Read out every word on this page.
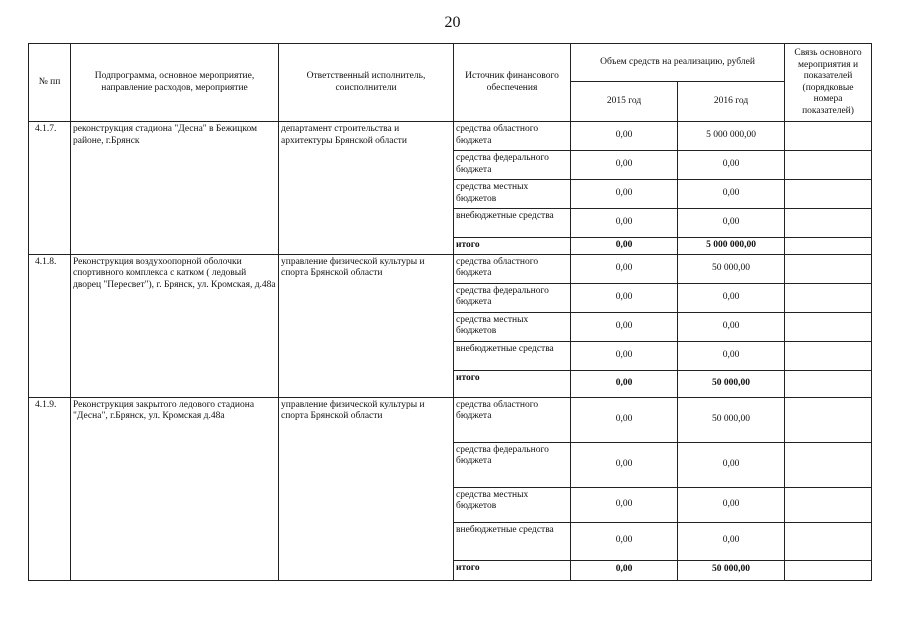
20
№ пп	Подпрограмма, основное мероприятие, направление расходов, мероприятие	Ответственный исполнитель, соисполнители	Источник финансового обеспечения	Объем средств на реализацию, рублей		Связь основного мероприятия и показателей (порядковые номера показателей)
				2015 год	2016 год	
4.1.7.	реконструкция стадиона "Десна" в Бежицком районе, г.Брянск	департамент строительства и архитектуры Брянской области	средства областного бюджета	0,00	5 000 000,00	
			средства федерального бюджета	0,00	0,00	
			средства местных бюджетов	0,00	0,00	
			внебюджетные средства	0,00	0,00	
			итого	0,00	5 000 000,00	
4.1.8.	Реконструкция воздухоопорной оболочки спортивного комплекса с катком ( ледовый дворец "Пересвет"), г. Брянск, ул. Кромская, д.48а	управление физической культуры и спорта Брянской области	средства областного бюджета	0,00	50 000,00	
			средства федерального бюджета	0,00	0,00	
			средства местных бюджетов	0,00	0,00	
			внебюджетные средства	0,00	0,00	
			итого	0,00	50 000,00	
4.1.9.	Реконструкция закрытого ледового стадиона "Десна", г.Брянск, ул. Кромская д.48а	управление физической культуры и спорта Брянской области	средства областного бюджета	0,00	50 000,00	
			средства федерального бюджета	0,00	0,00	
			средства местных бюджетов	0,00	0,00	
			внебюджетные средства	0,00	0,00	
			итого	0,00	50 000,00	
